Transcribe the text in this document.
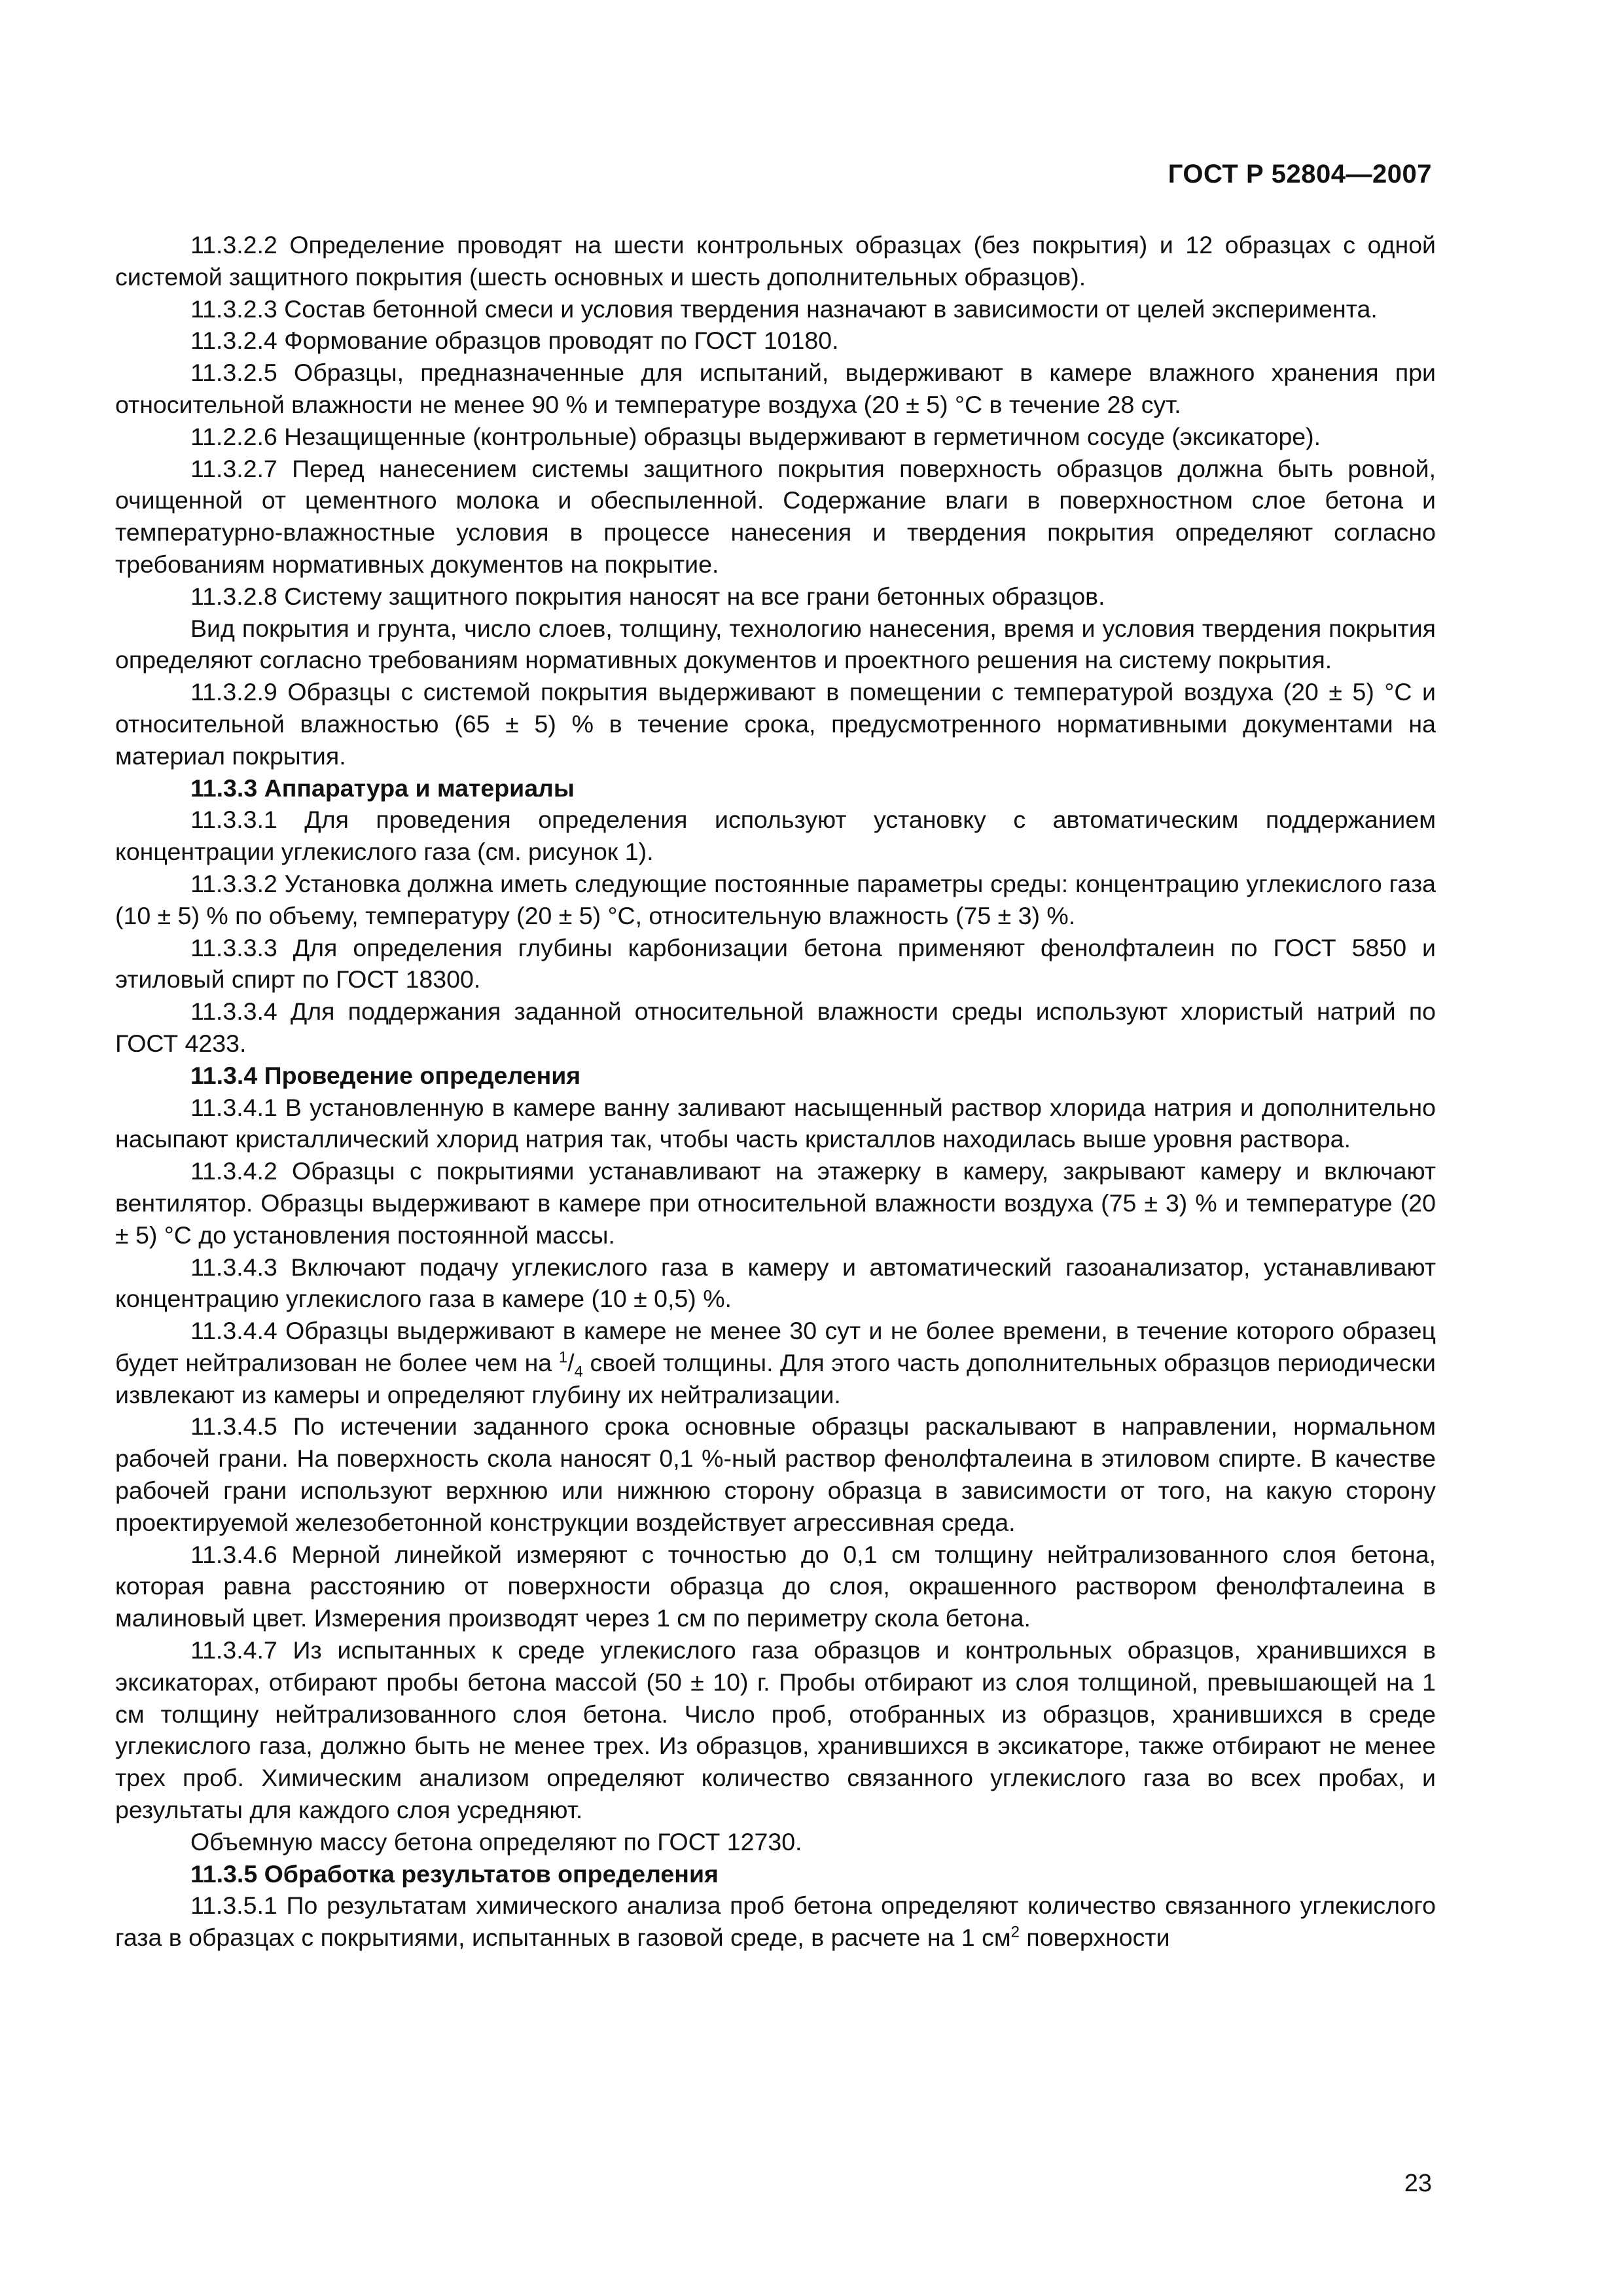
ГОСТ Р 52804—2007

11.3.2.2 Определение проводят на шести контрольных образцах (без покрытия) и 12 образцах с одной системой защитного покрытия (шесть основных и шесть дополнительных образцов).

11.3.2.3 Состав бетонной смеси и условия твердения назначают в зависимости от целей эксперимента.

11.3.2.4 Формование образцов проводят по ГОСТ 10180.

11.3.2.5 Образцы, предназначенные для испытаний, выдерживают в камере влажного хранения при относительной влажности не менее 90 % и температуре воздуха (20 ± 5) °С в течение 28 сут.

11.2.2.6 Незащищенные (контрольные) образцы выдерживают в герметичном сосуде (эксикаторе).

11.3.2.7 Перед нанесением системы защитного покрытия поверхность образцов должна быть ровной, очищенной от цементного молока и обеспыленной. Содержание влаги в поверхностном слое бетона и температурно-влажностные условия в процессе нанесения и твердения покрытия определяют согласно требованиям нормативных документов на покрытие.

11.3.2.8 Систему защитного покрытия наносят на все грани бетонных образцов.

Вид покрытия и грунта, число слоев, толщину, технологию нанесения, время и условия твердения покрытия определяют согласно требованиям нормативных документов и проектного решения на систему покрытия.

11.3.2.9 Образцы с системой покрытия выдерживают в помещении с температурой воздуха (20 ± 5) °С и относительной влажностью (65 ± 5) % в течение срока, предусмотренного нормативными документами на материал покрытия.

11.3.3 Аппаратура и материалы

11.3.3.1 Для проведения определения используют установку с автоматическим поддержанием концентрации углекислого газа (см. рисунок 1).

11.3.3.2 Установка должна иметь следующие постоянные параметры среды: концентрацию углекислого газа (10 ± 5) % по объему, температуру (20 ± 5) °С, относительную влажность (75 ± 3) %.

11.3.3.3 Для определения глубины карбонизации бетона применяют фенолфталеин по ГОСТ 5850 и этиловый спирт по ГОСТ 18300.

11.3.3.4 Для поддержания заданной относительной влажности среды используют хлористый натрий по ГОСТ 4233.

11.3.4 Проведение определения

11.3.4.1 В установленную в камере ванну заливают насыщенный раствор хлорида натрия и дополнительно насыпают кристаллический хлорид натрия так, чтобы часть кристаллов находилась выше уровня раствора.

11.3.4.2 Образцы с покрытиями устанавливают на этажерку в камеру, закрывают камеру и включают вентилятор. Образцы выдерживают в камере при относительной влажности воздуха (75 ± 3) % и температуре (20 ± 5) °С до установления постоянной массы.

11.3.4.3 Включают подачу углекислого газа в камеру и автоматический газоанализатор, устанавливают концентрацию углекислого газа в камере (10 ± 0,5) %.

11.3.4.4 Образцы выдерживают в камере не менее 30 сут и не более времени, в течение которого образец будет нейтрализован не более чем на $^1/_4$ своей толщины. Для этого часть дополнительных образцов периодически извлекают из камеры и определяют глубину их нейтрализации.

11.3.4.5 По истечении заданного срока основные образцы раскалывают в направлении, нормальном рабочей грани. На поверхность скола наносят 0,1 %-ный раствор фенолфталеина в этиловом спирте. В качестве рабочей грани используют верхнюю или нижнюю сторону образца в зависимости от того, на какую сторону проектируемой железобетонной конструкции воздействует агрессивная среда.

11.3.4.6 Мерной линейкой измеряют с точностью до 0,1 см толщину нейтрализованного слоя бетона, которая равна расстоянию от поверхности образца до слоя, окрашенного раствором фенолфталеина в малиновый цвет. Измерения производят через 1 см по периметру скола бетона.

11.3.4.7 Из испытанных к среде углекислого газа образцов и контрольных образцов, хранившихся в эксикаторах, отбирают пробы бетона массой (50 ± 10) г. Пробы отбирают из слоя толщиной, превышающей на 1 см толщину нейтрализованного слоя бетона. Число проб, отобранных из образцов, хранившихся в среде углекислого газа, должно быть не менее трех. Из образцов, хранившихся в эксикаторе, также отбирают не менее трех проб. Химическим анализом определяют количество связанного углекислого газа во всех пробах, и результаты для каждого слоя усредняют.

Объемную массу бетона определяют по ГОСТ 12730.

11.3.5 Обработка результатов определения

11.3.5.1 По результатам химического анализа проб бетона определяют количество связанного углекислого газа в образцах с покрытиями, испытанных в газовой среде, в расчете на 1 $см^2$ поверхности

23
